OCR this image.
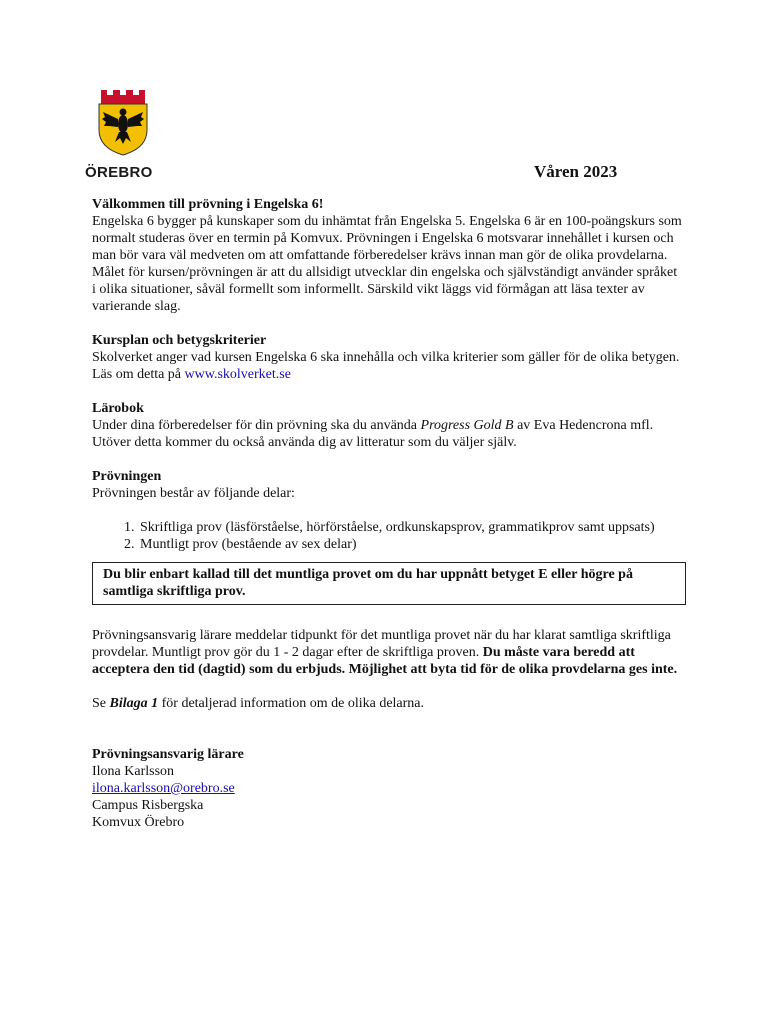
ÖREBRO	Våren 2023

Välkommen till prövning i Engelska 6!

Engelska 6 bygger på kunskaper som du inhämtat från Engelska 5. Engelska 6 är en 100-poängskurs som normalt studeras över en termin på Komvux. Prövningen i Engelska 6 motsvarar innehållet i kursen och man bör vara väl medveten om att omfattande förberedelser krävs innan man gör de olika provdelarna. Målet för kursen/prövningen är att du allsidigt utvecklar din engelska och självständigt använder språket i olika situationer, såväl formellt som informellt. Särskild vikt läggs vid förmågan att läsa texter av varierande slag.

Kursplan och betygskriterier

Skolverket anger vad kursen Engelska 6 ska innehålla och vilka kriterier som gäller för de olika betygen. Läs om detta på www.skolverket.se

Lärobok

Under dina förberedelser för din prövning ska du använda Progress Gold B av Eva Hedencrona mfl. Utöver detta kommer du också använda dig av litteratur som du väljer själv.

Prövningen

Prövningen består av följande delar:

1. Skriftliga prov (läsförståelse, hörförståelse, ordkunskapsprov, grammatikprov samt uppsats)
2. Muntligt prov (bestående av sex delar)
Du blir enbart kallad till det muntliga provet om du har uppnått betyget E eller högre på samtliga skriftliga prov.

Prövningsansvarig lärare meddelar tidpunkt för det muntliga provet när du har klarat samtliga skriftliga provdelar. Muntligt prov gör du 1 - 2 dagar efter de skriftliga proven. Du måste vara beredd att acceptera den tid (dagtid) som du erbjuds. Möjlighet att byta tid för de olika provdelarna ges inte.

Se Bilaga 1 för detaljerad information om de olika delarna.

Prövningsansvarig lärare

Ilona Karlsson

ilona.karlsson@orebro.se

Campus Risbergska

Komvux Örebro
